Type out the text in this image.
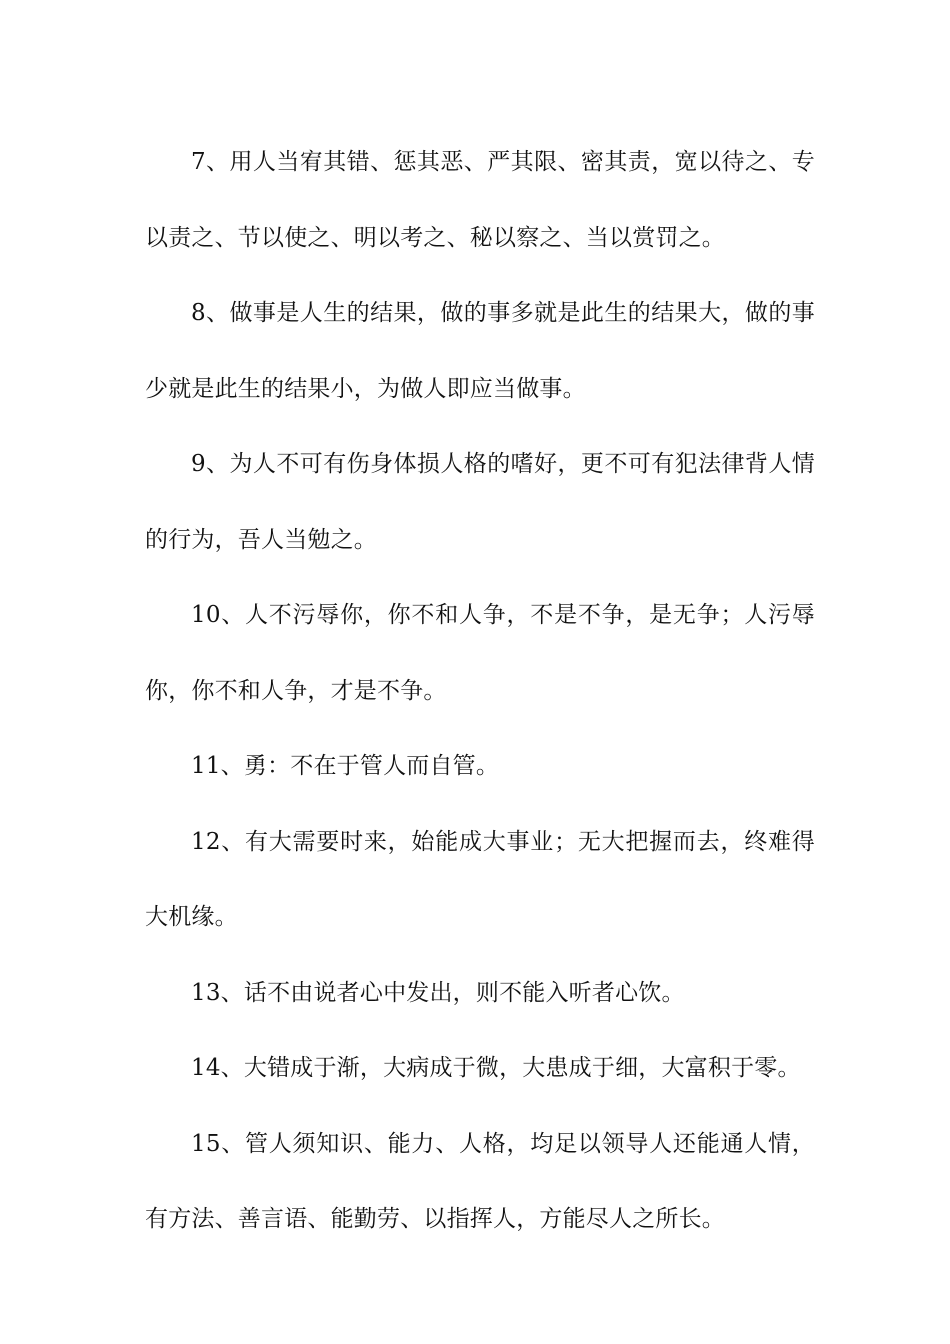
7、用人当宥其错、惩其恶、严其限、密其责，宽以待之、专以责之、节以使之、明以考之、秘以察之、当以赏罚之。

8、做事是人生的结果，做的事多就是此生的结果大，做的事少就是此生的结果小，为做人即应当做事。

9、为人不可有伤身体损人格的嗜好，更不可有犯法律背人情的行为，吾人当勉之。

10、人不污辱你，你不和人争，不是不争，是无争；人污辱你，你不和人争，才是不争。

11、勇：不在于管人而自管。

12、有大需要时来，始能成大事业；无大把握而去，终难得大机缘。

13、话不由说者心中发出，则不能入听者心饮。

14、大错成于渐，大病成于微，大患成于细，大富积于零。

15、管人须知识、能力、人格，均足以领导人还能通人情，有方法、善言语、能勤劳、以指挥人，方能尽人之所长。
